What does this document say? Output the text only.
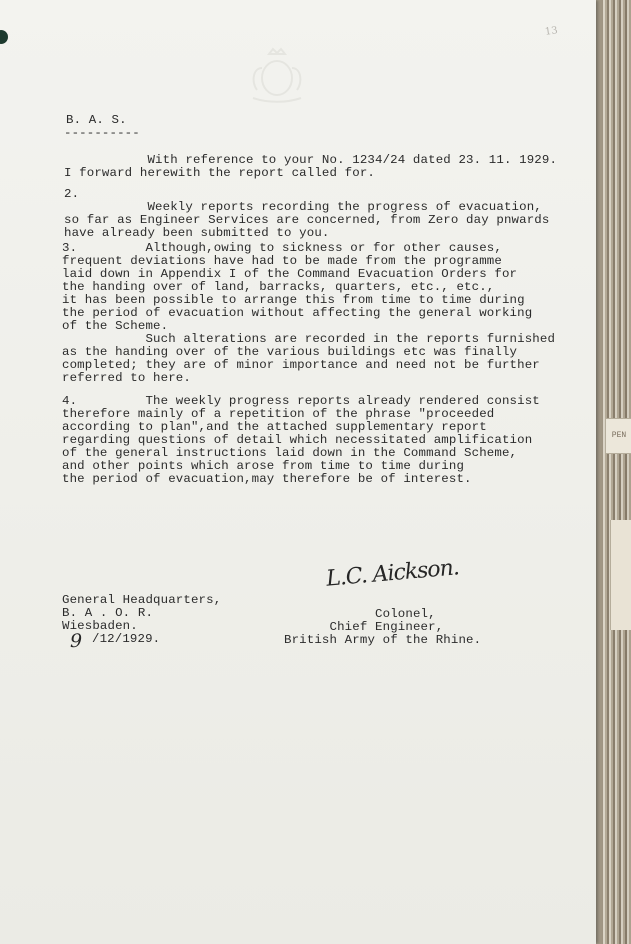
PEN
13
B. A. S.
----------
With reference to your No. 1234/24 dated 23. 11. 1929.
I forward herewith the report called for.
2.
Weekly reports recording the progress of evacuation,
so far as Engineer Services are concerned, from Zero day pnwards
have already been submitted to you.
3.         Although,owing to sickness or for other causes,
frequent deviations have had to be made from the programme
laid down in Appendix I of the Command Evacuation Orders for
the handing over of land, barracks, quarters, etc., etc.,
it has been possible to arrange this from time to time during
the period of evacuation without affecting the general working
of the Scheme.
Such alterations are recorded in the reports furnished
as the handing over of the various buildings etc was finally
completed; they are of minor importance and need not be further
referred to here.
4.         The weekly progress reports already rendered consist
therefore mainly of a repetition of the phrase "proceeded
according to plan",and the attached supplementary report
regarding questions of detail which necessitated amplification
of the general instructions laid down in the Command Scheme,
and other points which arose from time to time during
the period of evacuation,may therefore be of interest.
L.C. Aickson.
General Headquarters,
B. A . O. R.
Wiesbaden.
9 /12/1929.
Colonel,
Chief Engineer,
British Army of the Rhine.
